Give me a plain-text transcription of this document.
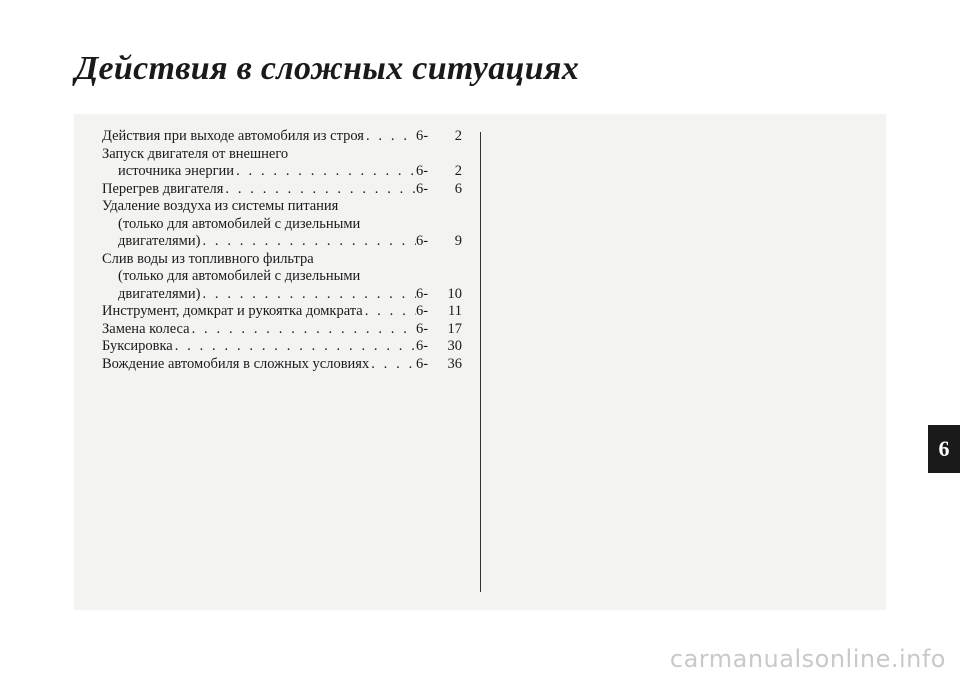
Действия в сложных ситуациях
Действия при выходе автомобиля из строя . . .	6-	2
Запуск двигателя от внешнего
источника энергии . . .	6-	2
Перегрев двигателя . . .	6-	6
Удаление воздуха из системы питания
(только для автомобилей с дизельными
двигателями) . . .	6-	9
Слив воды из топливного фильтра
(только для автомобилей с дизельными
двигателями) . . .	6-	10
Инструмент, домкрат и рукоятка домкрата . . .	6-	11
Замена колеса . . .	6-	17
Буксировка . . .	6-	30
Вождение автомобиля в сложных условиях . . .	6-	36
6
carmanualsonline.info
